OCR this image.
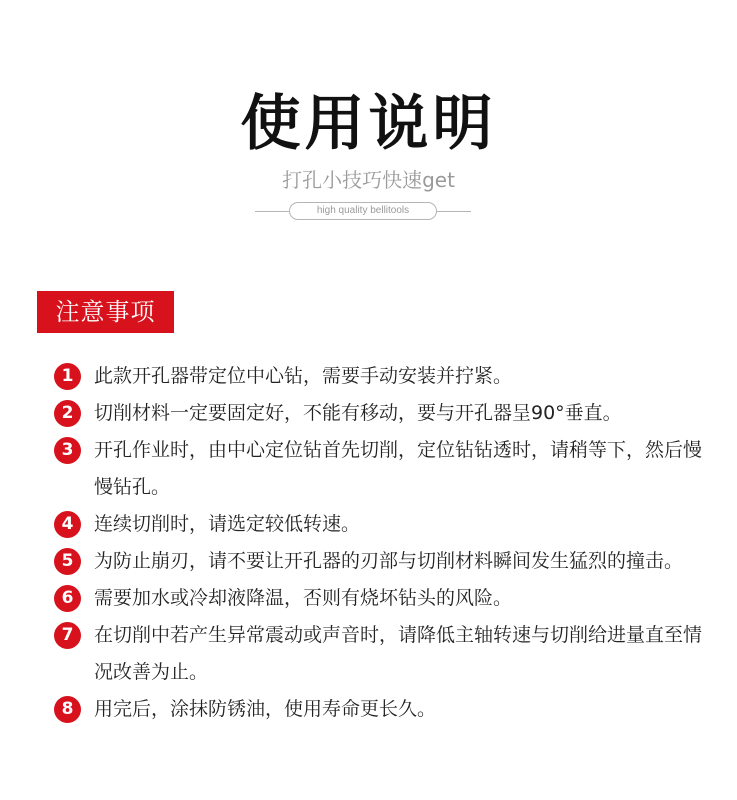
使用说明
打孔小技巧快速get
high quality bellitools
注意事项
1	此款开孔器带定位中心钻，需要手动安装并拧紧。
2	切削材料一定要固定好，不能有移动，要与开孔器呈90°垂直。
3	开孔作业时，由中心定位钻首先切削，定位钻钻透时，请稍等下，然后慢慢钻孔。
4	连续切削时，请选定较低转速。
5	为防止崩刃，请不要让开孔器的刃部与切削材料瞬间发生猛烈的撞击。
6	需要加水或冷却液降温，否则有烧坏钻头的风险。
7	在切削中若产生异常震动或声音时，请降低主轴转速与切削给进量直至情况改善为止。
8	用完后，涂抹防锈油，使用寿命更长久。
